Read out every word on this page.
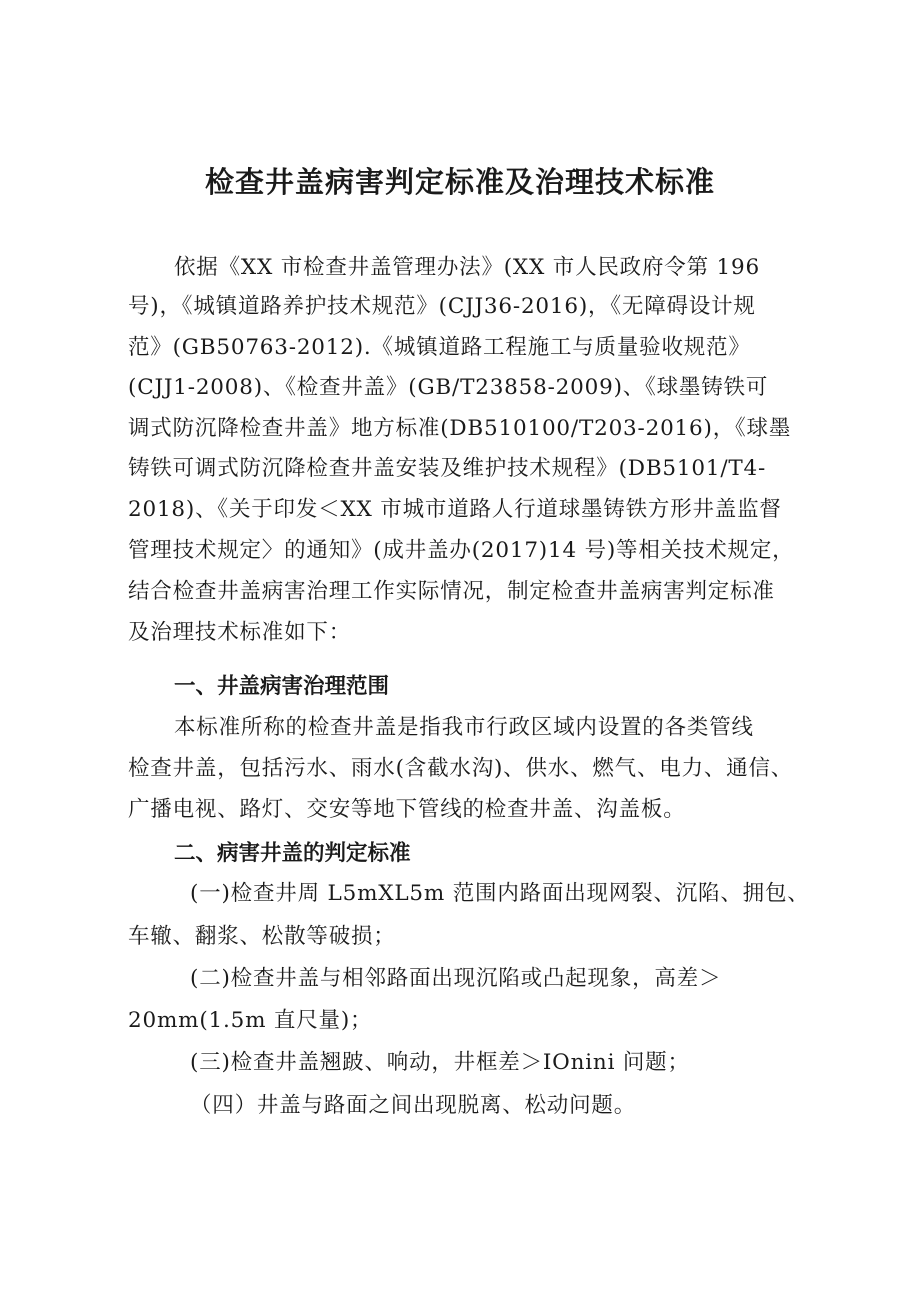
检查井盖病害判定标准及治理技术标准

依据《XX 市检查井盖管理办法》(XX 市人民政府令第 196

号)，《城镇道路养护技术规范》(CJJ36-2016)，《无障碍设计规

范》(GB50763-2012).《城镇道路工程施工与质量验收规范》

(CJJ1-2008)、《检查井盖》(GB/T23858-2009)、《球墨铸铁可

调式防沉降检查井盖》地方标准(DB510100/T203-2016)，《球墨

铸铁可调式防沉降检查井盖安装及维护技术规程》(DB5101/T4-

2018)、《关于印发＜XX 市城市道路人行道球墨铸铁方形井盖监督

管理技术规定〉的通知》(成井盖办(2017)14 号)等相关技术规定，

结合检查井盖病害治理工作实际情况，制定检查井盖病害判定标准

及治理技术标准如下：

一、井盖病害治理范围

本标准所称的检查井盖是指我市行政区域内设置的各类管线

检查井盖，包括污水、雨水(含截水沟)、供水、燃气、电力、通信、

广播电视、路灯、交安等地下管线的检查井盖、沟盖板。

二、病害井盖的判定标准

(一)检查井周 L5mXL5m 范围内路面出现网裂、沉陷、拥包、

车辙、翻浆、松散等破损；

(二)检查井盖与相邻路面出现沉陷或凸起现象，高差＞

20mm(1.5m 直尺量)；

(三)检查井盖翘跛、响动，井框差＞IOnini 问题；

（四）井盖与路面之间出现脱离、松动问题。
